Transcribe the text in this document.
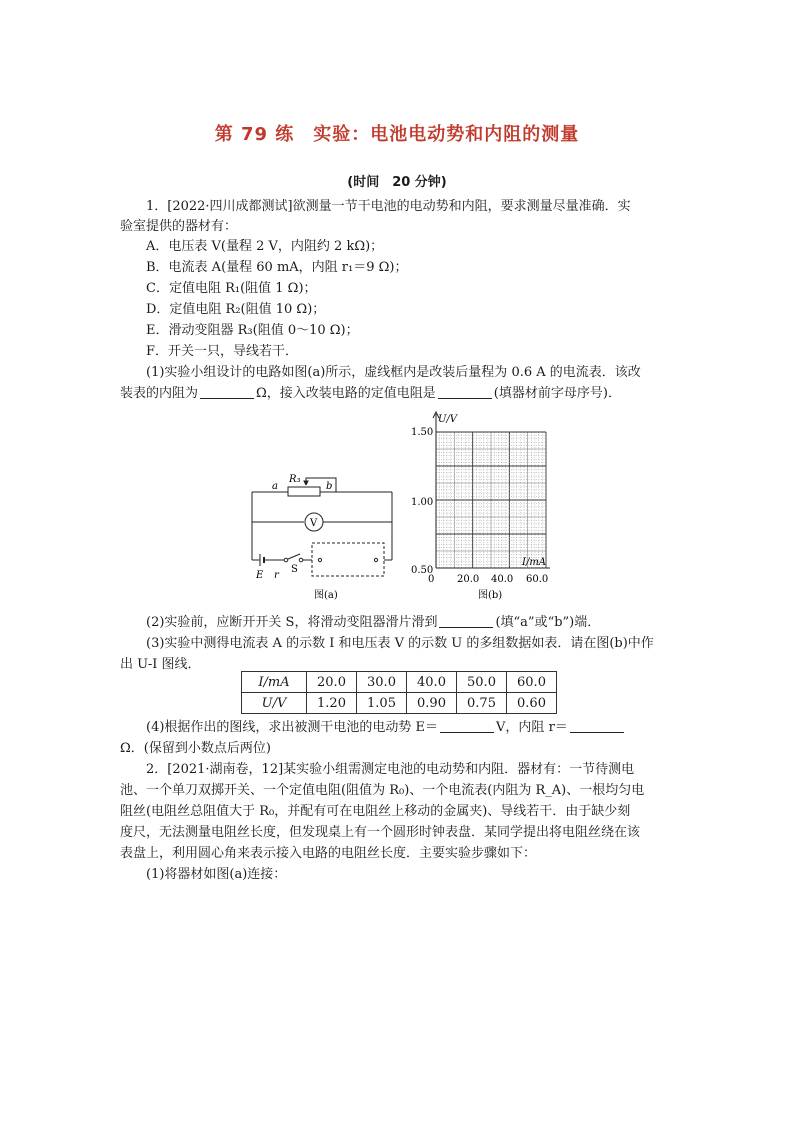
第 79 练　实验：电池电动势和内阻的测量
(时间　20 分钟)
1．[2022·四川成都测试]欲测量一节干电池的电动势和内阻，要求测量尽量准确．实
验室提供的器材有：
A．电压表 V(量程 2 V，内阻约 2 kΩ)；
B．电流表 A(量程 60 mA，内阻 r₁＝9 Ω)；
C．定值电阻 R₁(阻值 1 Ω)；
D．定值电阻 R₂(阻值 10 Ω)；
E．滑动变阻器 R₃(阻值 0～10 Ω)；
F．开关一只，导线若干．
(1)实验小组设计的电路如图(a)所示，虚线框内是改装后量程为 0.6 A 的电流表．该改
装表的内阻为	Ω，接入改装电路的定值电阻是	(填器材前字母序号)．
a
R₃
b
V
E r
S
图(a)
U/V
I/mA
1.50
1.00
0.50
0 20.0 40.0 60.0
图(b)
(2)实验前，应断开开关 S，将滑动变阻器滑片滑到	(填“a”或“b”)端．
(3)实验中测得电流表 A 的示数 I 和电压表 V 的示数 U 的多组数据如表．请在图(b)中作
出 U-I 图线．
I/mA	20.0	30.0	40.0	50.0	60.0
U/V	1.20	1.05	0.90	0.75	0.60
(4)根据作出的图线，求出被测干电池的电动势 E＝	V，内阻 r＝
Ω．(保留到小数点后两位)
2．[2021·湖南卷，12]某实验小组需测定电池的电动势和内阻．器材有：一节待测电
池、一个单刀双掷开关、一个定值电阻(阻值为 R₀)、一个电流表(内阻为 R_A)、一根均匀电
阻丝(电阻丝总阻值大于 R₀，并配有可在电阻丝上移动的金属夹)、导线若干．由于缺少刻
度尺，无法测量电阻丝长度，但发现桌上有一个圆形时钟表盘．某同学提出将电阻丝绕在该
表盘上，利用圆心角来表示接入电路的电阻丝长度．主要实验步骤如下：
(1)将器材如图(a)连接：
